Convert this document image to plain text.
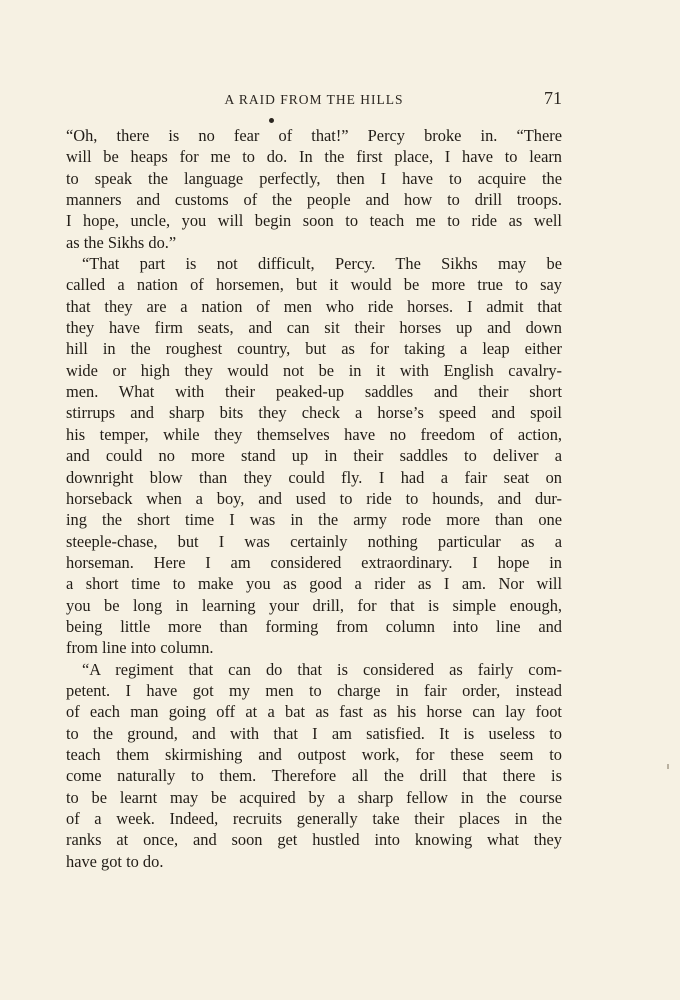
A RAID FROM THE HILLS	71
“Oh, there is no fear of that!” Percy broke in. “There
will be heaps for me to do. In the first place, I have to learn
to speak the language perfectly, then I have to acquire the
manners and customs of the people and how to drill troops.
I hope, uncle, you will begin soon to teach me to ride as well
as the Sikhs do.”
“That part is not difficult, Percy. The Sikhs may be
called a nation of horsemen, but it would be more true to say
that they are a nation of men who ride horses. I admit that
they have firm seats, and can sit their horses up and down
hill in the roughest country, but as for taking a leap either
wide or high they would not be in it with English cavalry-
men. What with their peaked-up saddles and their short
stirrups and sharp bits they check a horse’s speed and spoil
his temper, while they themselves have no freedom of action,
and could no more stand up in their saddles to deliver a
downright blow than they could fly. I had a fair seat on
horseback when a boy, and used to ride to hounds, and dur-
ing the short time I was in the army rode more than one
steeple-chase, but I was certainly nothing particular as a
horseman. Here I am considered extraordinary. I hope in
a short time to make you as good a rider as I am. Nor will
you be long in learning your drill, for that is simple enough,
being little more than forming from column into line and
from line into column.
“A regiment that can do that is considered as fairly com-
petent. I have got my men to charge in fair order, instead
of each man going off at a bat as fast as his horse can lay foot
to the ground, and with that I am satisfied. It is useless to
teach them skirmishing and outpost work, for these seem to
come naturally to them. Therefore all the drill that there is
to be learnt may be acquired by a sharp fellow in the course
of a week. Indeed, recruits generally take their places in the
ranks at once, and soon get hustled into knowing what they
have got to do.
